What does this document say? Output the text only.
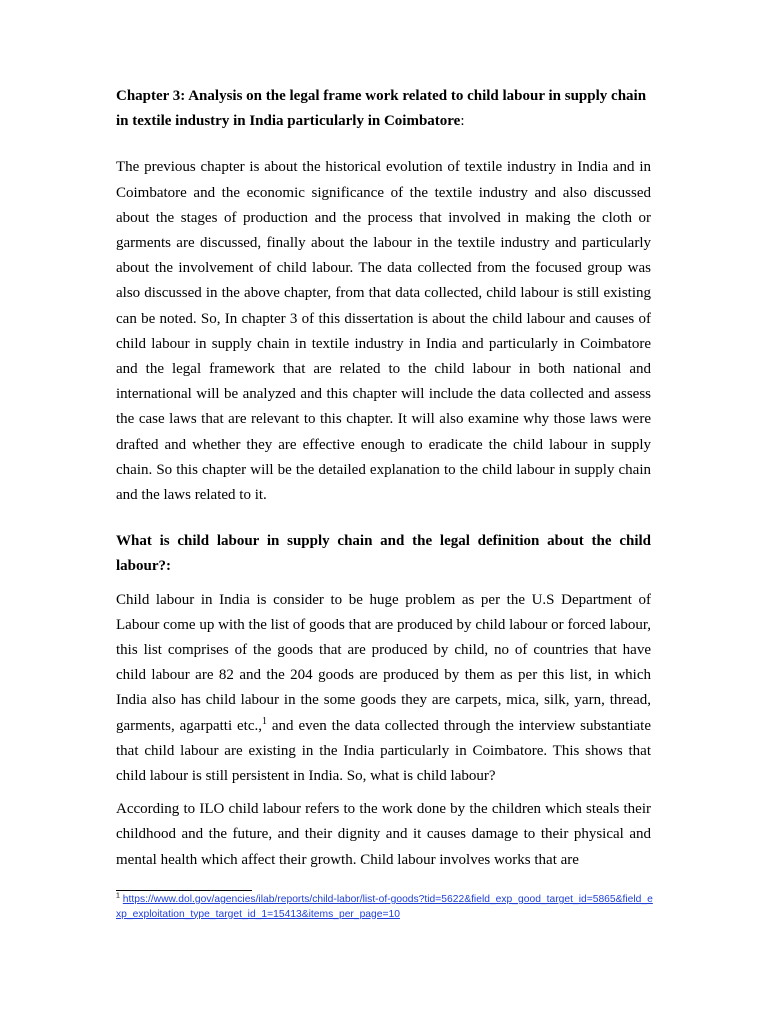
Chapter 3: Analysis on the legal frame work related to child labour in supply chain in textile industry in India particularly in Coimbatore:

The previous chapter is about the historical evolution of textile industry in India and in Coimbatore and the economic significance of the textile industry and also discussed about the stages of production and the process that involved in making the cloth or garments are discussed, finally about the labour in the textile industry and particularly about the involvement of child labour. The data collected from the focused group was also discussed in the above chapter, from that data collected, child labour is still existing can be noted. So, In chapter 3 of this dissertation is about the child labour and causes of child labour in supply chain in textile industry in India and particularly in Coimbatore and the legal framework that are related to the child labour in both national and international will be analyzed and this chapter will include the data collected and assess the case laws that are relevant to this chapter. It will also examine why those laws were drafted and whether they are effective enough to eradicate the child labour in supply chain. So this chapter will be the detailed explanation to the child labour in supply chain and the laws related to it.

What is child labour in supply chain and the legal definition about the child labour?:

Child labour in India is consider to be huge problem as per the U.S Department of Labour come up with the list of goods that are produced by child labour or forced labour, this list comprises of the goods that are produced by child, no of countries that have child labour are 82 and the 204 goods are produced by them as per this list, in which India also has child labour in the some goods they are carpets, mica, silk, yarn, thread, garments, agarpatti etc.,$^1$ and even the data collected through the interview substantiate that child labour are existing in the India particularly in Coimbatore. This shows that child labour is still persistent in India. So, what is child labour?

According to ILO child labour refers to the work done by the children which steals their childhood and the future, and their dignity and it causes damage to their physical and mental health which affect their growth. Child labour involves works that are

$^1$ https://www.dol.gov/agencies/ilab/reports/child-labor/list-of-goods?tid=5622&field_exp_good_target_id=5865&field_exp_exploitation_type_target_id_1=15413&items_per_page=10
